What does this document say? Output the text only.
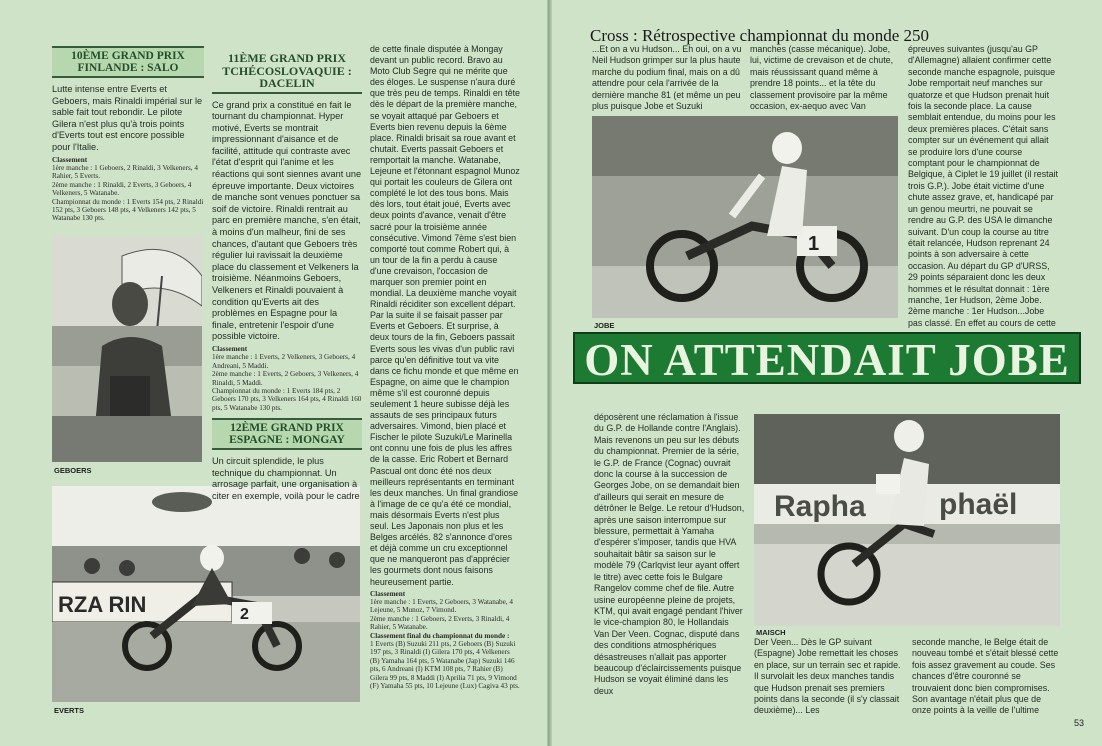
10ÈME GRAND PRIX
FINLANDE : SALO

Lutte intense entre Everts et Geboers, mais Rinaldi impérial sur le sable fait tout rebondir. Le pilote Gilera n'est plus qu'à trois points d'Everts tout est encore possible pour l'Italie.

Classement
1ère manche : 1 Geboers, 2 Rinaldi, 3 Velkeners, 4 Rahier, 5 Everts.
2ème manche : 1 Rinaldi, 2 Everts, 3 Geboers, 4 Velkeners, 5 Watanabe.
Championnat du monde : 1 Everts 154 pts, 2 Rinaldi 152 pts, 3 Geboers 148 pts, 4 Velkeners 142 pts, 5 Watanabe 130 pts.
GEBOERS
RZA RIN	2
EVERTS
11ÈME GRAND PRIX
TCHÉCOSLOVAQUIE :
DACELIN

Ce grand prix a constitué en fait le tournant du championnat. Hyper motivé, Everts se montrait impressionnant d'aisance et de facilité, attitude qui contraste avec l'état d'esprit qui l'anime et les réactions qui sont siennes avant une épreuve importante. Deux victoires de manche sont venues ponctuer sa soif de victoire. Rinaldi rentrait au parc en première manche, s'en était, à moins d'un malheur, fini de ses chances, d'autant que Geboers très régulier lui ravissait la deuxième place du classement et Velkeners la troisième. Néanmoins Geboers, Velkeners et Rinaldi pouvaient à condition qu'Everts ait des problèmes en Espagne pour la finale, entretenir l'espoir d'une possible victoire.

Classement
1ère manche : 1 Everts, 2 Velkeners, 3 Geboers, 4 Andreani, 5 Maddi.
2ème manche : 1 Everts, 2 Geboers, 3 Velkeners, 4 Rinaldi, 5 Maddi.
Championnat du monde : 1 Everts 184 pts, 2 Geboers 170 pts, 3 Velkeners 164 pts, 4 Rinaldi 160 pts, 5 Watanabe 130 pts.
12ÈME GRAND PRIX
ESPAGNE : MONGAY

Un circuit splendide, le plus technique du championnat. Un arrosage parfait, une organisation à citer en exemple, voilà pour le cadre

de cette finale disputée à Mongay devant un public record. Bravo au Moto Club Segre qui ne mérite que des éloges. Le suspense n'aura duré que très peu de temps. Rinaldi en tête dès le départ de la première manche, se voyait attaqué par Geboers et Everts bien revenu depuis la 6ème place. Rinaldi brisait sa roue avant et chutait. Everts passait Geboers et remportait la manche. Watanabe, Lejeune et l'étonnant espagnol Munoz qui portait les couleurs de Gilera ont complété le lot des tous bons. Mais dès lors, tout était joué, Everts avec deux points d'avance, venait d'être sacré pour la troisième année consécutive. Vimond 7ème s'est bien comporté tout comme Robert qui, à un tour de la fin a perdu à cause d'une crevaison, l'occasion de marquer son premier point en mondial. La deuxième manche voyait Rinaldi réciditer son excellent départ. Par la suite il se faisait passer par Everts et Geboers. Et surprise, à deux tours de la fin, Geboers passait Everts sous les vivas d'un public ravi parce qu'en définitive tout va vite dans ce fichu monde et que même en Espagne, on aime que le champion même s'il est couronné depuis seulement 1 heure subisse déjà les assauts de ses principaux futurs adversaires. Vimond, bien placé et Fischer le pilote Suzuki/Le Marinella ont connu une fois de plus les affres de la casse. Eric Robert et Bernard Pascual ont donc été nos deux meilleurs représentants en terminant les deux manches. Un final grandiose à l'image de ce qu'a été ce mondial, mais désormais Everts n'est plus seul. Les Japonais non plus et les Belges arcélés. 82 s'annonce d'ores et déjà comme un cru exceptionnel que ne manqueront pas d'apprécier les gourmets dont nous faisons heureusement partie.

Classement
1ère manche : 1 Everts, 2 Geboers, 3 Watanabe, 4 Lejeune, 5 Munoz, 7 Vimond.
2ème manche : 1 Geboers, 2 Everts, 3 Rinaldi, 4 Rahier, 5 Watanabe.
Classement final du championnat du monde :
1 Everts (B) Suzuki 211 pts, 2 Geboers (B) Suzuki 197 pts, 3 Rinaldi (I) Gilera 170 pts, 4 Velkeners (B) Yamaha 164 pts, 5 Watanabe (Jap) Suzuki 146 pts, 6 Andreani (I) KTM 108 pts, 7 Rahier (B) Gilera 99 pts, 8 Maddi (I) Aprilia 71 pts, 9 Vimond (F) Yamaha 55 pts, 10 Lejeune (Lux) Cagiva 43 pts.
Cross : Rétrospective championnat du monde 250

...Et on a vu Hudson... Eh oui, on a vu Neil Hudson grimper sur la plus haute marche du podium final, mais on a dû attendre pour cela l'arrivée de la dernière manche 81 (et même un peu plus puisque Jobe et Suzuki

manches (casse mécanique). Jobe, lui, victime de crevaison et de chute, mais réussissant quand même à prendre 18 points... et la tête du classement provisoire par la même occasion, ex-aequo avec Van

épreuves suivantes (jusqu'au GP d'Allemagne) allaient confirmer cette seconde manche espagnole, puisque Jobe remportait neuf manches sur quatorze et que Hudson prenait huit fois la seconde place. La cause semblait entendue, du moins pour les deux premières places. C'était sans compter sur un événement qui allait se produire lors d'une course comptant pour le championnat de Belgique, à Ciplet le 19 juillet (il restait trois G.P.). Jobe était victime d'une chute assez grave, et, handicapé par un genou meurtri, ne pouvait se rendre au G.P. des USA le dimanche suivant. D'un coup la course au titre était relancée, Hudson reprenant 24 points à son adversaire à cette occasion. Au départ du GP d'URSS, 29 points séparaient donc les deux hommes et le résultat donnait : 1ère manche, 1er Hudson, 2ème Jobe. 2ème manche : 1er Hudson...Jobe pas classé. En effet au cours de cette

1
JOBE
ON ATTENDAIT JOBE

déposèrent une réclamation à l'issue du G.P. de Hollande contre l'Anglais). Mais revenons un peu sur les débuts du championnat. Premier de la série, le G.P. de France (Cognac) ouvrait donc la course à la succession de Georges Jobe, on se demandait bien d'ailleurs qui serait en mesure de détrôner le Belge. Le retour d'Hudson, après une saison interrompue sur blessure, permettait à Yamaha d'espérer s'imposer, tandis que HVA souhaitait bâtir sa saison sur le modèle 79 (Carlqvist leur ayant offert le titre) avec cette fois le Bulgare Rangelov comme chef de file. Autre usine européenne pleine de projets, KTM, qui avait engagé pendant l'hiver le vice-champion 80, le Hollandais Van Der Veen. Cognac, disputé dans des conditions atmosphériques désastreuses n'allait pas apporter beaucoup d'éclaircissements puisque Hudson se voyait éliminé dans les deux

Rapha phaël
MAISCH

Der Veen... Dès le GP suivant (Espagne) Jobe remettait les choses en place, sur un terrain sec et rapide. Il survolait les deux manches tandis que Hudson prenait ses premiers points dans la seconde (il s'y classait deuxième)... Les

seconde manche, le Belge était de nouveau tombé et s'était blessé cette fois assez gravement au coude. Ses chances d'être couronné se trouvaient donc bien compromises. Son avantage n'était plus que de onze points à la veille de l'ultime

53
